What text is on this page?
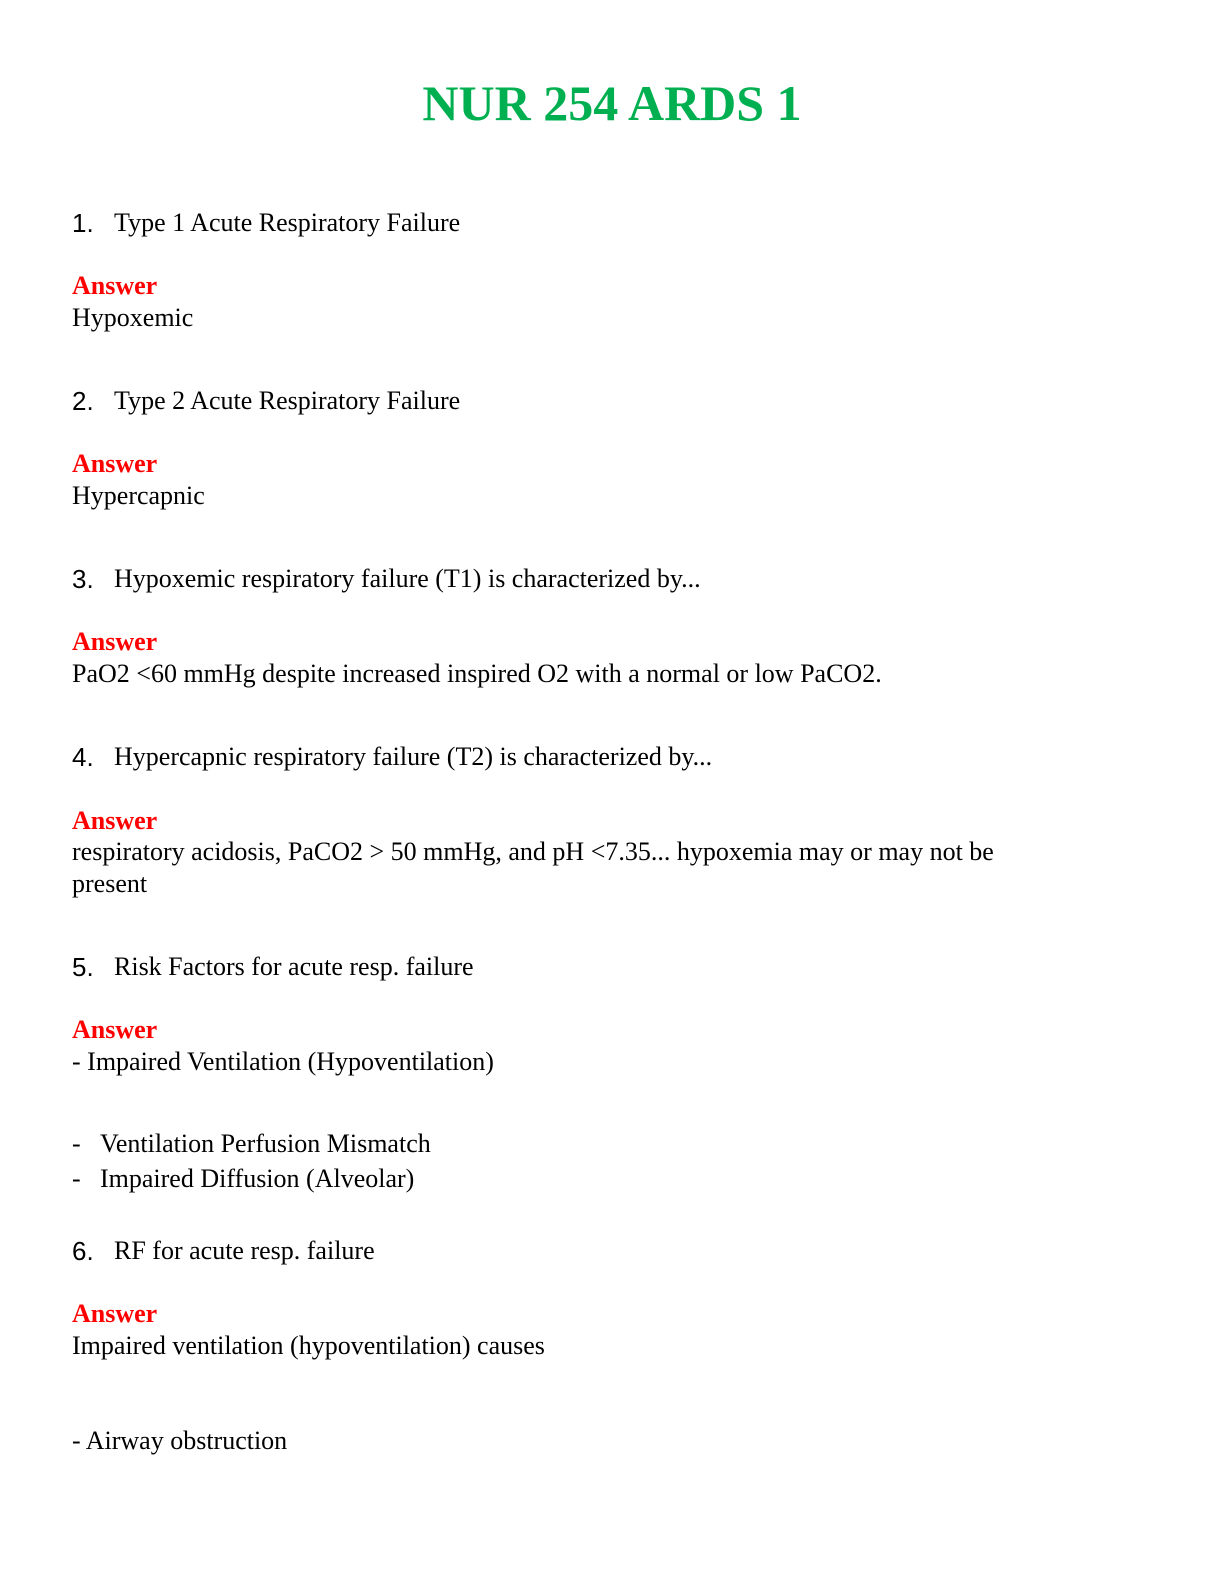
NUR 254 ARDS 1
1. Type 1 Acute Respiratory Failure
Answer
Hypoxemic
2. Type 2 Acute Respiratory Failure
Answer
Hypercapnic
3. Hypoxemic respiratory failure (T1) is characterized by...
Answer
PaO2 <60 mmHg despite increased inspired O2 with a normal or low PaCO2.
4. Hypercapnic respiratory failure (T2) is characterized by...
Answer
respiratory acidosis, PaCO2 > 50 mmHg, and pH <7.35... hypoxemia may or may not be present
5. Risk Factors for acute resp. failure
Answer
- Impaired Ventilation (Hypoventilation)
- Ventilation Perfusion Mismatch
- Impaired Diffusion (Alveolar)
6. RF for acute resp. failure
Answer
Impaired ventilation (hypoventilation) causes
- Airway obstruction
